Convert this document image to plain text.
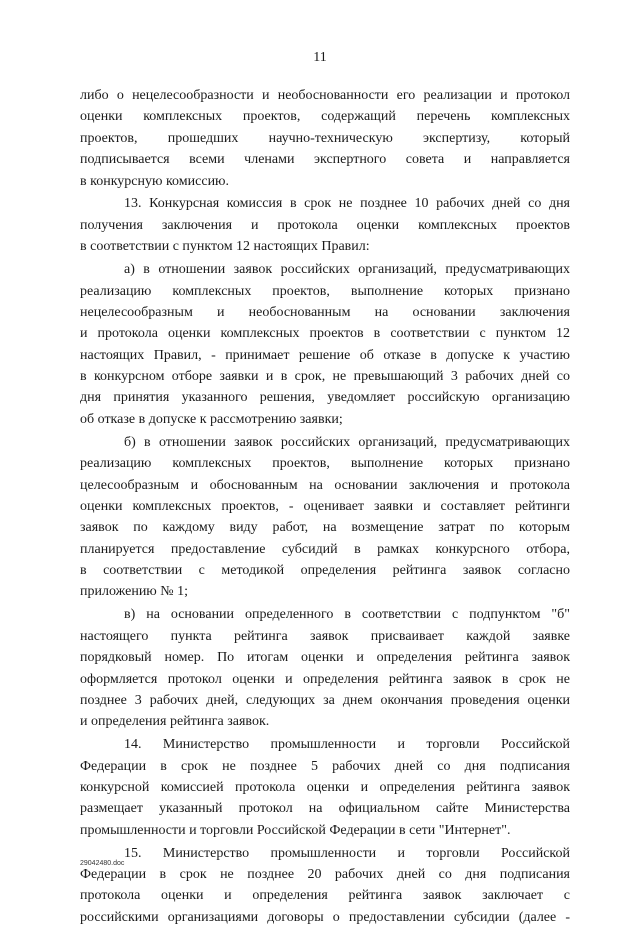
11
либо о нецелесообразности и необоснованности его реализации и протокол
оценки комплексных проектов, содержащий перечень комплексных
проектов, прошедших научно-техническую экспертизу, который
подписывается всеми членами экспертного совета и направляется
в конкурсную комиссию.
13. Конкурсная комиссия в срок не позднее 10 рабочих дней со дня
получения заключения и протокола оценки комплексных проектов
в соответствии с пунктом 12 настоящих Правил:
а) в отношении заявок российских организаций, предусматривающих
реализацию комплексных проектов, выполнение которых признано
нецелесообразным и необоснованным на основании заключения
и протокола оценки комплексных проектов в соответствии с пунктом 12
настоящих Правил, - принимает решение об отказе в допуске к участию
в конкурсном отборе заявки и в срок, не превышающий 3 рабочих дней со
дня принятия указанного решения, уведомляет российскую организацию
об отказе в допуске к рассмотрению заявки;
б) в отношении заявок российских организаций, предусматривающих
реализацию комплексных проектов, выполнение которых признано
целесообразным и обоснованным на основании заключения и протокола
оценки комплексных проектов, - оценивает заявки и составляет рейтинги
заявок по каждому виду работ, на возмещение затрат по которым
планируется предоставление субсидий в рамках конкурсного отбора,
в соответствии с методикой определения рейтинга заявок согласно
приложению № 1;
в) на основании определенного в соответствии с подпунктом "б"
настоящего пункта рейтинга заявок присваивает каждой заявке
порядковый номер. По итогам оценки и определения рейтинга заявок
оформляется протокол оценки и определения рейтинга заявок в срок не
позднее 3 рабочих дней, следующих за днем окончания проведения оценки
и определения рейтинга заявок.
14. Министерство промышленности и торговли Российской
Федерации в срок не позднее 5 рабочих дней со дня подписания
конкурсной комиссией протокола оценки и определения рейтинга заявок
размещает указанный протокол на официальном сайте Министерства
промышленности и торговли Российской Федерации в сети "Интернет".
15. Министерство промышленности и торговли Российской
Федерации в срок не позднее 20 рабочих дней со дня подписания
протокола оценки и определения рейтинга заявок заключает с
российскими организациями договоры о предоставлении субсидии (далее -
29042480.doc
